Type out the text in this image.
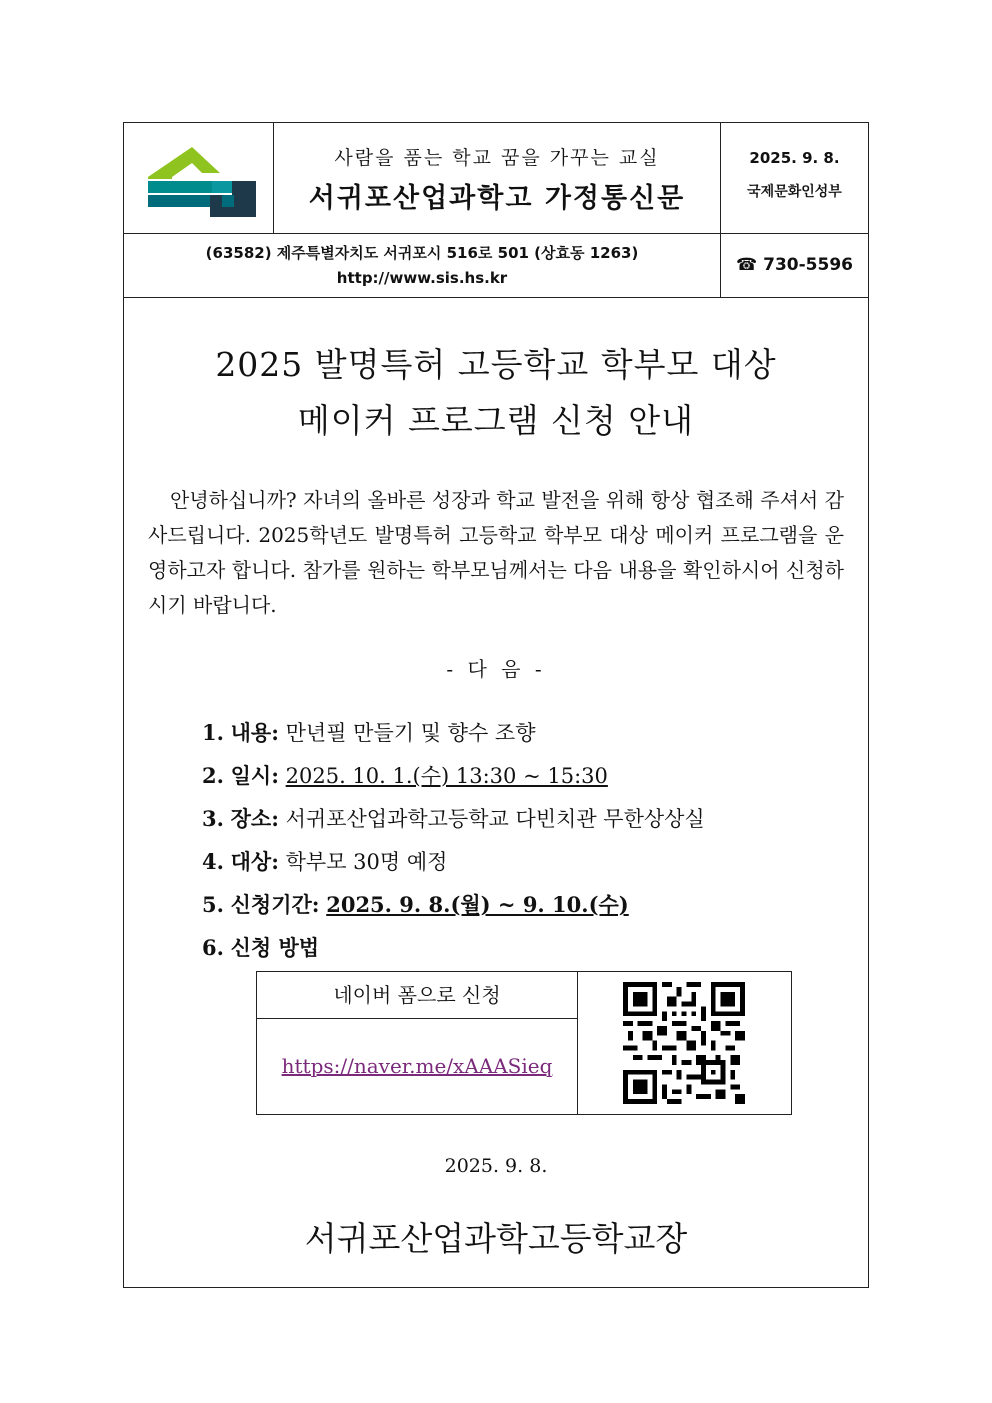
사람을 품는 학교 꿈을 가꾸는 교실
서귀포산업과학고 가정통신문
2025. 9. 8.
국제문화인성부
(63582) 제주특별자치도 서귀포시 516로 501 (상효동 1263)
http://www.sis.hs.kr
☎ 730-5596
2025 발명특허 고등학교 학부모 대상
메이커 프로그램 신청 안내
안녕하십니까? 자녀의 올바른 성장과 학교 발전을 위해 항상 협조해 주셔서 감사드립니다. 2025학년도 발명특허 고등학교 학부모 대상 메이커 프로그램을 운영하고자 합니다. 참가를 원하는 학부모님께서는 다음 내용을 확인하시어 신청하시기 바랍니다.
- 다 음 -
1. 내용: 만년필 만들기 및 향수 조향
2. 일시: 2025. 10. 1.(수) 13:30 ~ 15:30
3. 장소: 서귀포산업과학고등학교 다빈치관 무한상상실
4. 대상: 학부모 30명 예정
5. 신청기간: 2025. 9. 8.(월) ~ 9. 10.(수)
6. 신청 방법
네이버 폼으로 신청
https://naver.me/xAAASieq
2025. 9. 8.
서귀포산업과학고등학교장
